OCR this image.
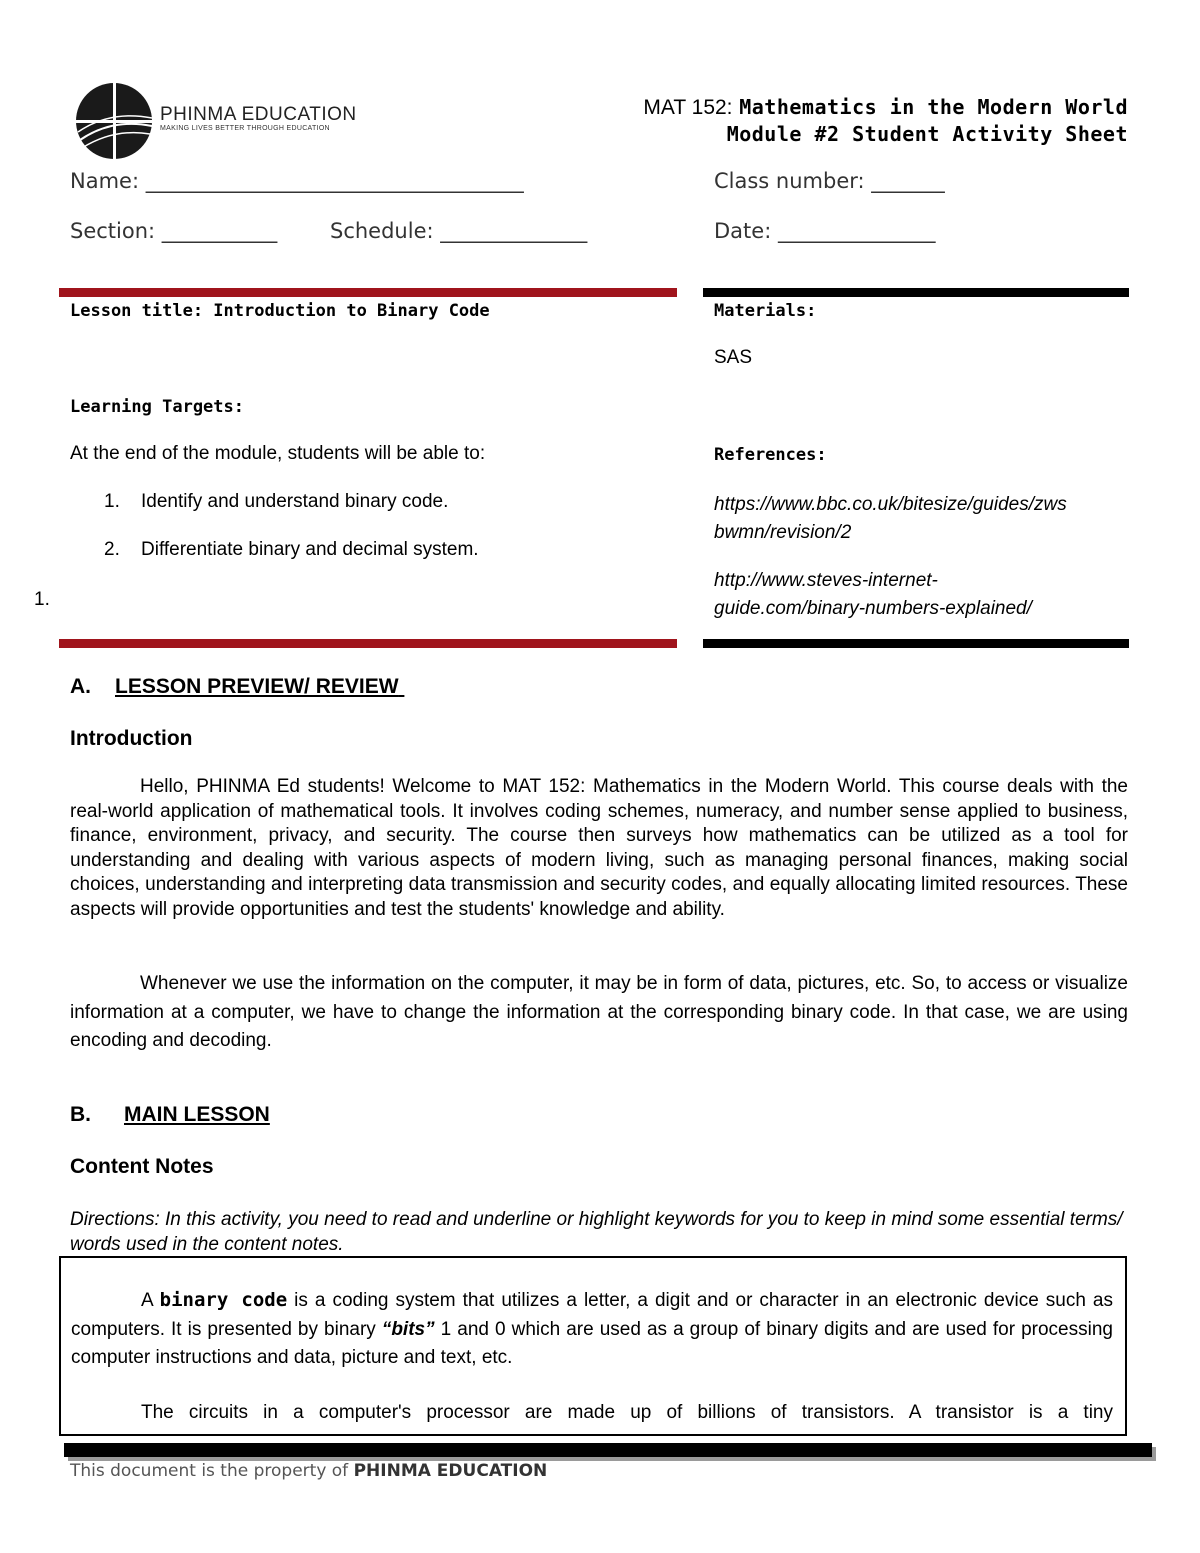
PHINMA EDUCATION
MAKING LIVES BETTER THROUGH EDUCATION
MAT 152: Mathematics in the Modern World
Module #2 Student Activity Sheet
Name: ____________________________________	Class number: _______
Section: ___________	Schedule: ______________	Date: _______________
Lesson title: Introduction to Binary Code
Learning Targets:
At the end of the module, students will be able to:
1. Identify and understand binary code.
2. Differentiate binary and decimal system.
1.
Materials:
SAS
References:
https://www.bbc.co.uk/bitesize/guides/zws
bwmn/revision/2
http://www.steves-internet-
guide.com/binary-numbers-explained/
A. LESSON PREVIEW/ REVIEW
Introduction
Hello, PHINMA Ed students! Welcome to MAT 152: Mathematics in the Modern World. This course deals with the real-world application of mathematical tools. It involves coding schemes, numeracy, and number sense applied to business, finance, environment, privacy, and security. The course then surveys how mathematics can be utilized as a tool for understanding and dealing with various aspects of modern living, such as managing personal finances, making social choices, understanding and interpreting data transmission and security codes, and equally allocating limited resources. These aspects will provide opportunities and test the students' knowledge and ability.
Whenever we use the information on the computer, it may be in form of data, pictures, etc. So, to access or visualize information at a computer, we have to change the information at the corresponding binary code. In that case, we are using encoding and decoding.
B. MAIN LESSON
Content Notes
Directions: In this activity, you need to read and underline or highlight keywords for you to keep in mind some essential terms/ words used in the content notes.
A binary code is a coding system that utilizes a letter, a digit and or character in an electronic device such as computers. It is presented by binary “bits” 1 and 0 which are used as a group of binary digits and are used for processing computer instructions and data, picture and text, etc.
The circuits in a computer's processor are made up of billions of transistors. A transistor is a tiny
This document is the property of PHINMA EDUCATION
